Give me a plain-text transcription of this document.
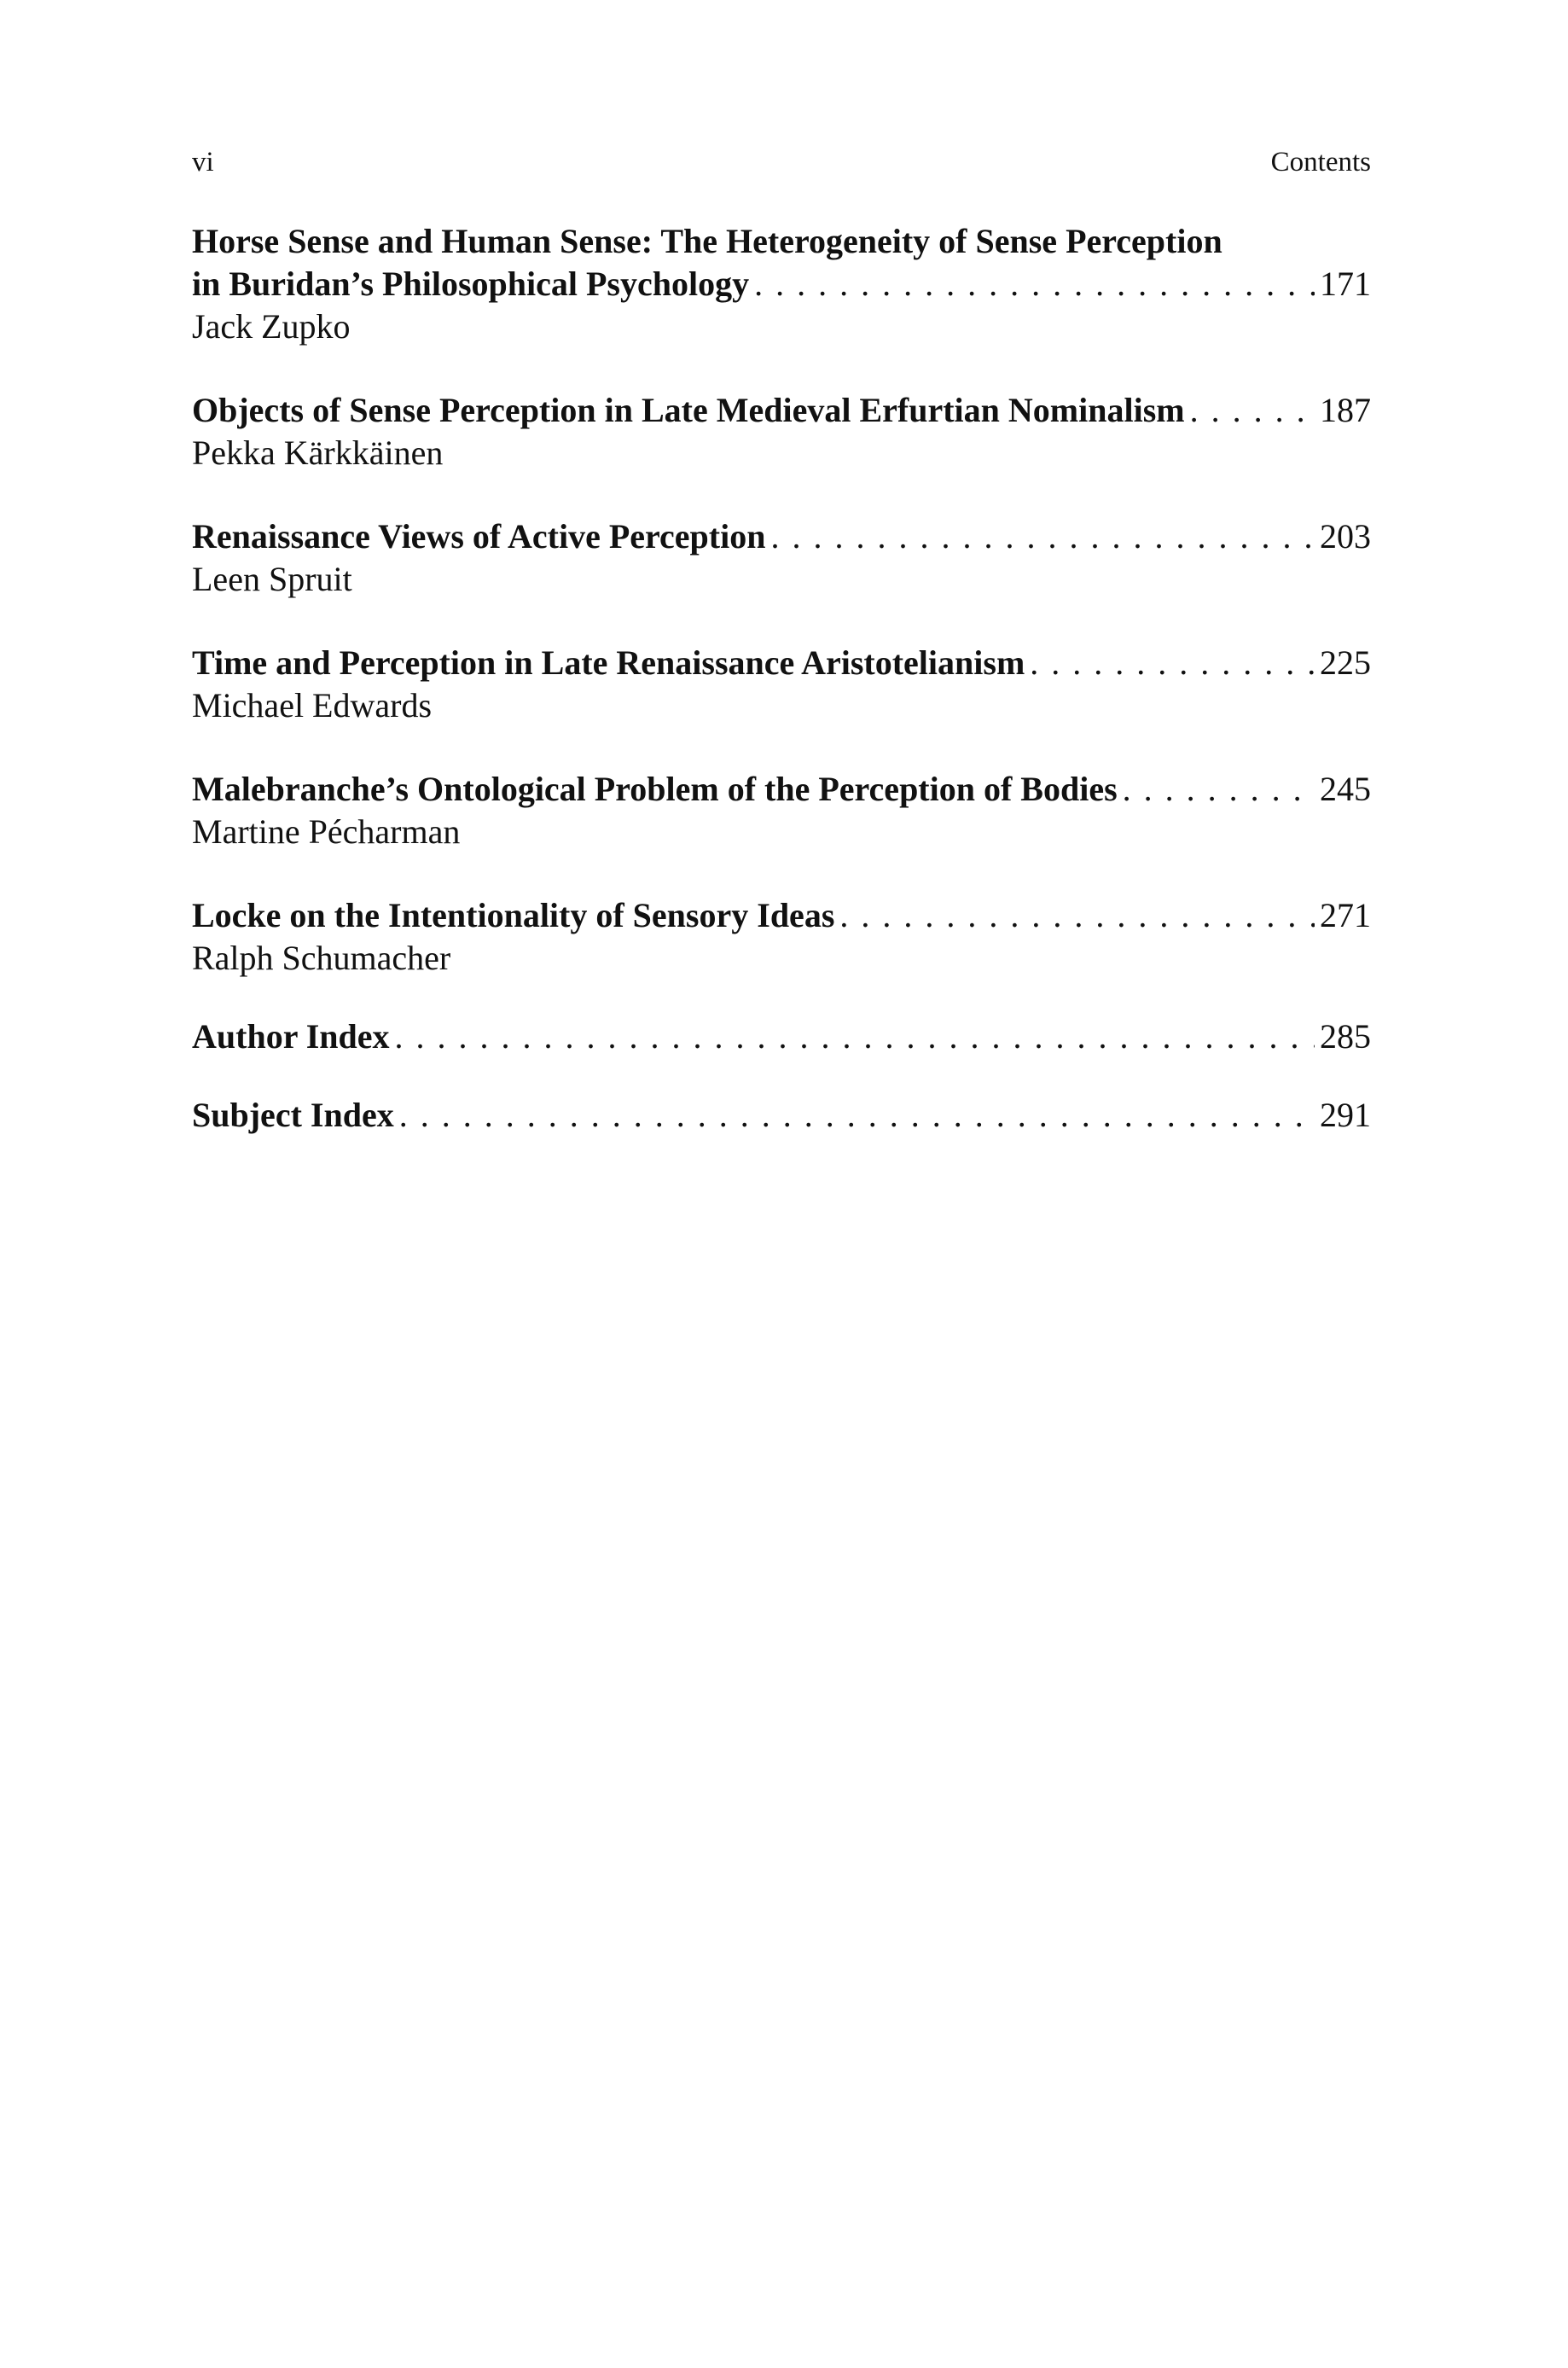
vi	Contents
Horse Sense and Human Sense: The Heterogeneity of Sense Perception
in Buridan’s Philosophical Psychology . . .	171
Jack Zupko
Objects of Sense Perception in Late Medieval Erfurtian Nominalism . . .	187
Pekka Kärkkäinen
Renaissance Views of Active Perception . . .	203
Leen Spruit
Time and Perception in Late Renaissance Aristotelianism . . .	225
Michael Edwards
Malebranche’s Ontological Problem of the Perception of Bodies . . .	245
Martine Pécharman
Locke on the Intentionality of Sensory Ideas . . .	271
Ralph Schumacher
Author Index . . .	285
Subject Index . . .	291
